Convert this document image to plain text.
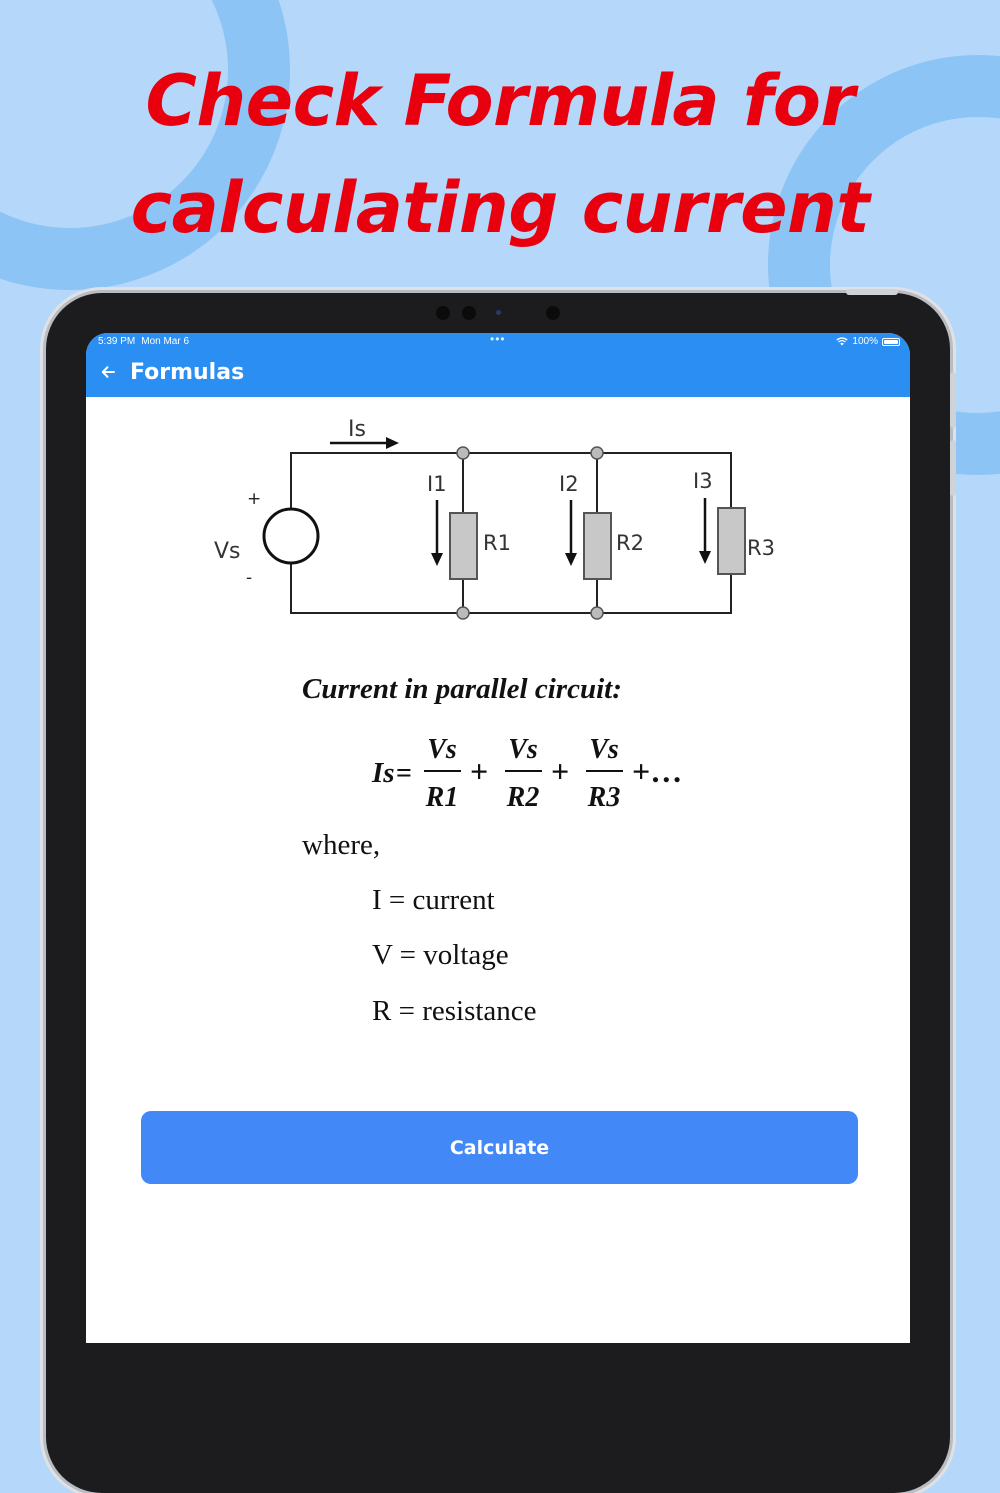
Check Formula for
calculating current
5:39 PM Mon Mar 6	•••	100%
Formulas
+
-
Vs
Is
I1	I2	I3
R1	R2	R3
Current in parallel circuit:
Is =
Vs
R1
+
Vs
R2
+
Vs
R3
+…
where,
I = current
V = voltage
R = resistance
Calculate
